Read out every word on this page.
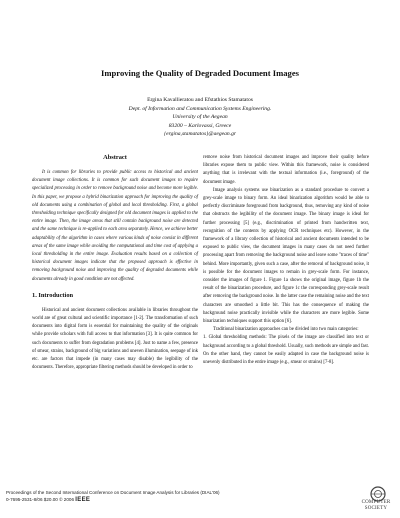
Improving the Quality of Degraded Document Images
Ergina Kavallieratou and Efstathios Stamatatos
Dept. of Information and Communication Systems Engineering.
University of the Aegean
83200 – Karlovassi, Greece
{ergina,stamatatos}@aegean.gr
Abstract

It is common for libraries to provide public access to historical and ancient document image collections. It is common for such document images to require specialized processing in order to remove background noise and become more legible. In this paper, we propose a hybrid binarization approach for improving the quality of old documents using a combination of global and local thresholding. First, a global thresholding technique specifically designed for old document images is applied to the entire image. Then, the image areas that still contain background noise are detected and the same technique is re-applied to each area separately. Hence, we achieve better adaptability of the algorithm in cases where various kinds of noise coexist in different areas of the same image while avoiding the computational and time cost of applying a local thresholding in the entire image. Evaluation results based on a collection of historical document images indicate that the proposed approach is effective in removing background noise and improving the quality of degraded documents while documents already in good condition are not affected.

1. Introduction

Historical and ancient document collections available in libraries throughout the world are of great cultural and scientific importance [1-2]. The transformation of such documents into digital form is essential for maintaining the quality of the originals while provide scholars with full access to that information [3]. It is quite common for such documents to suffer from degradation problems [4]. Just to name a few, presence of smear, strains, background of big variations and uneven illumination, seepage of ink etc. are factors that impede (in many cases may disable) the legibility of the documents. Therefore, appropriate filtering methods should be developed in order to

remove noise from historical document images and improve their quality before libraries expose them to public view. Within this framework, noise is considered anything that is irrelevant with the textual information (i.e., foreground) of the document image.

Image analysis systems use binarization as a standard procedure to convert a grey-scale image to binary form. An ideal binarization algorithm would be able to perfectly discriminate foreground from background, thus, removing any kind of noise that obstructs the legibility of the document image. The binary image is ideal for further processing [5] (e.g., discrimination of printed from handwritten text, recognition of the contents by applying OCR techniques etc). However, in the framework of a library collection of historical and ancient documents intended to be exposed to public view, the document images in many cases do not need further processing apart from removing the background noise and leave some "traces of time" behind. More importantly, given such a case, after the removal of background noise, it is possible for the document images to remain in grey-scale form. For instance, consider the images of figure 1. Figure 1a shows the original image, figure 1b the result of the binarization procedure, and figure 1c the corresponding grey-scale result after removing the background noise. In the latter case the remaining noise and the text characters are smoothed a little bit. This has the consequence of making the background noise practically invisible while the characters are more legible. Some binarization techniques support this option [6].

Traditional binarization approaches can be divided into two main categories:

1. Global thresholding methods: The pixels of the image are classified into text or background according to a global threshold. Usually, such methods are simple and fast. On the other hand, they cannot be easily adapted in case the background noise is unevenly distributed in the entire image (e.g., smear or strains) [7-8].

Proceedings of the Second International Conference on Document Image Analysis for Libraries (DIAL'06)
0-7695-2531-8/06 $20.00 © 2006 IEEE	COMPUTER
SOCIETY
